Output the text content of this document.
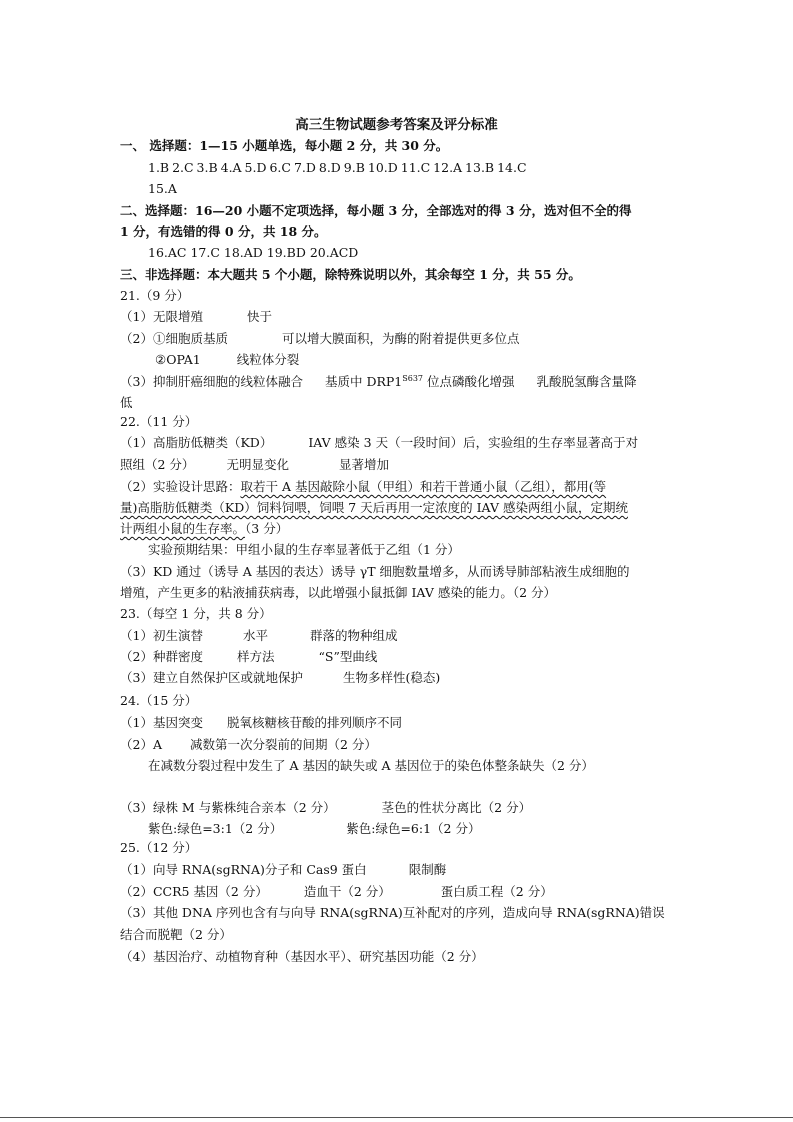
高三生物试题参考答案及评分标准
一、 选择题：1—15 小题单选，每小题 2 分，共 30 分。
1.B 2.C 3.B 4.A 5.D 6.C 7.D 8.D 9.B 10.D 11.C 12.A 13.B 14.C
15.A
二、选择题：16—20 小题不定项选择，每小题 3 分，全部选对的得 3 分，选对但不全的得
1 分，有选错的得 0 分，共 18 分。
16.AC 17.C 18.AD 19.BD 20.ACD
三、非选择题：本大题共 5 个小题，除特殊说明以外，其余每空 1 分，共 55 分。
21.（9 分）
（1）无限增殖	快于
（2）①细胞质基质	可以增大膜面积，为酶的附着提供更多位点
②OPA1	线粒体分裂
（3）抑制肝癌细胞的线粒体融合 基质中 $DRP1^{S637}$ 位点磷酸化增强 乳酸脱氢酶含量降
低
22.（11 分）
（1）高脂肪低糖类（KD）	IAV 感染 3 天（一段时间）后，实验组的生存率显著高于对
照组（2 分）	无明显变化	显著增加
（2）实验设计思路：取若干 A 基因敲除小鼠（甲组）和若干普通小鼠（乙组），都用(等
量)高脂肪低糖类（KD）饲料饲喂，饲喂 7 天后再用一定浓度的 IAV 感染两组小鼠，定期统
计两组小鼠的生存率。（3 分）
实验预期结果：甲组小鼠的生存率显著低于乙组（1 分）
（3）KD 通过（诱导 A 基因的表达）诱导 γT 细胞数量增多，从而诱导肺部粘液生成细胞的
增殖，产生更多的粘液捕获病毒，以此增强小鼠抵御 IAV 感染的能力。（2 分）
23.（每空 1 分，共 8 分）
（1）初生演替	水平	群落的物种组成
（2）种群密度	样方法	“S”型曲线
（3）建立自然保护区或就地保护	生物多样性(稳态)
24.（15 分）
（1）基因突变 脱氧核糖核苷酸的排列顺序不同
（2）A 减数第一次分裂前的间期（2 分）
在减数分裂过程中发生了 A 基因的缺失或 A 基因位于的染色体整条缺失（2 分）
（3）绿株 M 与紫株纯合亲本（2 分）	茎色的性状分离比（2 分）
紫色:绿色=3:1（2 分）	紫色:绿色=6:1（2 分）
25.（12 分）
（1）向导 RNA(sgRNA)分子和 Cas9 蛋白	限制酶
（2）CCR5 基因（2 分）	造血干（2 分）	蛋白质工程（2 分）
（3）其他 DNA 序列也含有与向导 RNA(sgRNA)互补配对的序列，造成向导 RNA(sgRNA)错误
结合而脱靶（2 分）
（4）基因治疗、动植物育种（基因水平）、研究基因功能（2 分）
